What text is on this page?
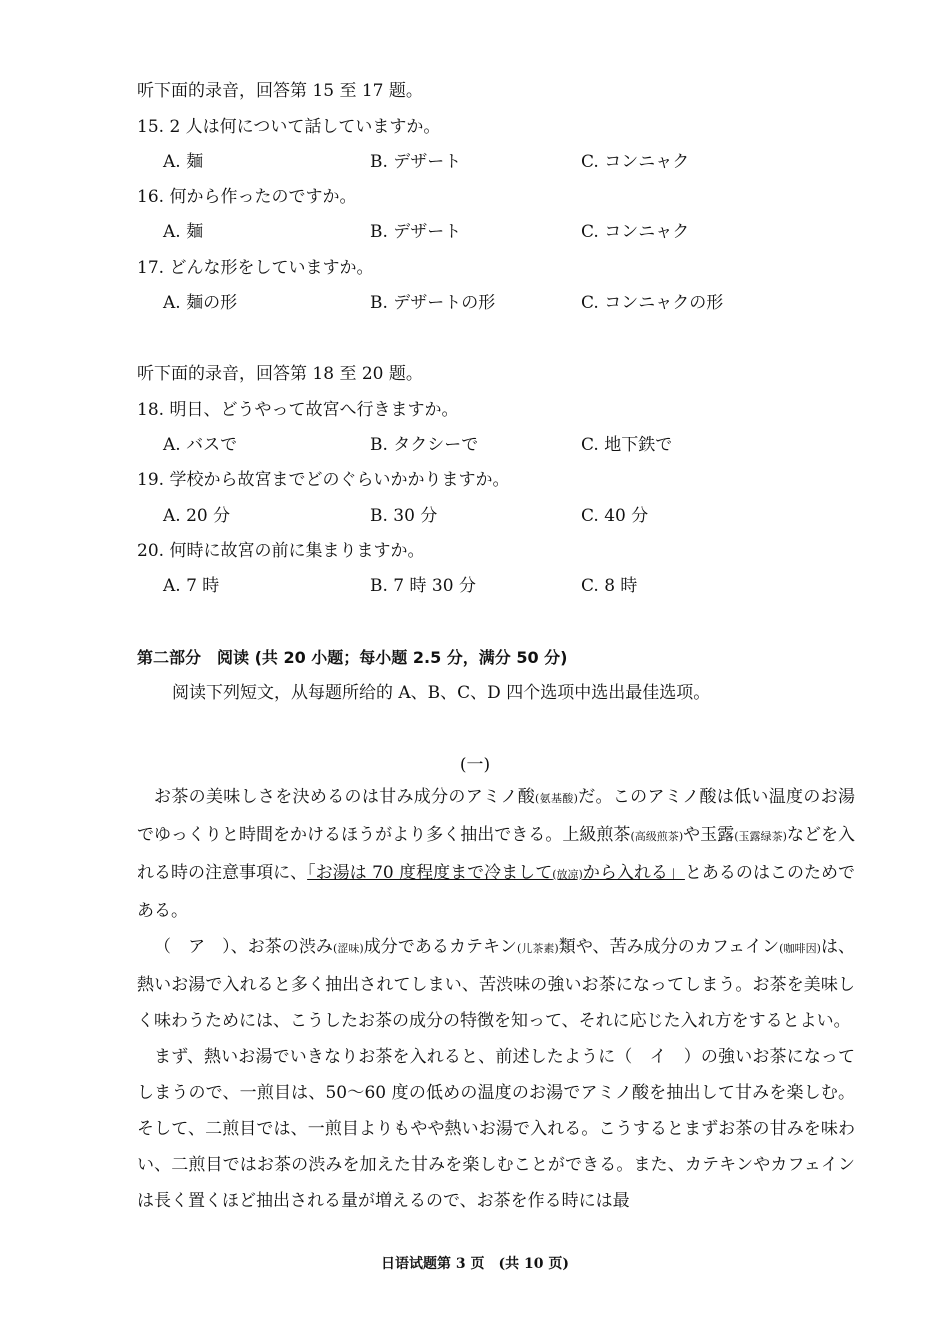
听下面的录音，回答第 15 至 17 题。
15. 2 人は何について話していますか。
A. 麺	B. デザート	C. コンニャク
16. 何から作ったのですか。
A. 麺	B. デザート	C. コンニャク
17. どんな形をしていますか。
A. 麺の形	B. デザートの形	C. コンニャクの形
听下面的录音，回答第 18 至 20 题。
18. 明日、どうやって故宮へ行きますか。
A. バスで	B. タクシーで	C. 地下鉄で
19. 学校から故宮までどのぐらいかかりますか。
A. 20 分	B. 30 分	C. 40 分
20. 何時に故宮の前に集まりますか。
A. 7 時	B. 7 時 30 分	C. 8 時
第二部分　阅读 (共 20 小题；每小题 2.5 分，满分 50 分)
阅读下列短文，从每题所给的 A、B、C、D 四个选项中选出最佳选项。
(一)

お茶の美味しさを決めるのは甘み成分のアミノ酸(氨基酸)だ。このアミノ酸は低い温度のお湯でゆっくりと時間をかけるほうがより多く抽出できる。上級煎茶(高级煎茶)や玉露(玉露绿茶)などを入れる時の注意事項に、「お湯は 70 度程度まで冷まして(放凉)から入れる」とあるのはこのためである。

（　ア　）、お茶の渋み(涩味)成分であるカテキン(儿茶素)類や、苦み成分のカフェイン(咖啡因)は、熱いお湯で入れると多く抽出されてしまい、苦渋味の強いお茶になってしまう。お茶を美味しく味わうためには、こうしたお茶の成分の特徴を知って、それに応じた入れ方をするとよい。

まず、熱いお湯でいきなりお茶を入れると、前述したように（　イ　）の強いお茶になってしまうので、一煎目は、50～60 度の低めの温度のお湯でアミノ酸を抽出して甘みを楽しむ。そして、二煎目では、一煎目よりもやや熱いお湯で入れる。こうするとまずお茶の甘みを味わい、二煎目ではお茶の渋みを加えた甘みを楽しむことができる。また、カテキンやカフェインは長く置くほど抽出される量が増えるので、お茶を作る時には最

日语试题第 3 页　(共 10 页)
